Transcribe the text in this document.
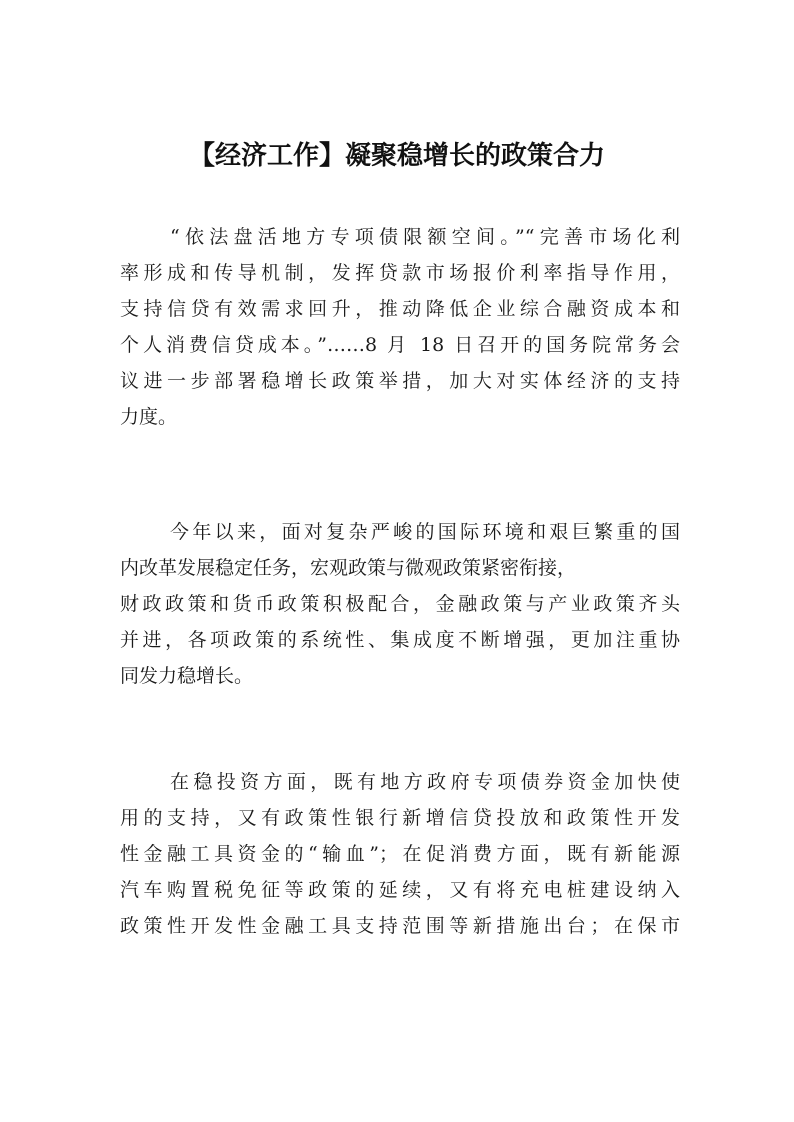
【经济工作】凝聚稳增长的政策合力
“依法盘活地方专项债限额空间。”“完善市场化利
率形成和传导机制，发挥贷款市场报价利率指导作用，
支持信贷有效需求回升，推动降低企业综合融资成本和
个人消费信贷成本。”……8 月 18 日召开的国务院常务会
议进一步部署稳增长政策举措，加大对实体经济的支持
力度。
今年以来，面对复杂严峻的国际环境和艰巨繁重的国
内改革发展稳定任务，宏观政策与微观政策紧密衔接，
财政政策和货币政策积极配合，金融政策与产业政策齐头
并进，各项政策的系统性、集成度不断增强，更加注重协
同发力稳增长。
在稳投资方面，既有地方政府专项债券资金加快使
用的支持，又有政策性银行新增信贷投放和政策性开发
性金融工具资金的“输血”；在促消费方面，既有新能源
汽车购置税免征等政策的延续，又有将充电桩建设纳入
政策性开发性金融工具支持范围等新措施出台；在保市
